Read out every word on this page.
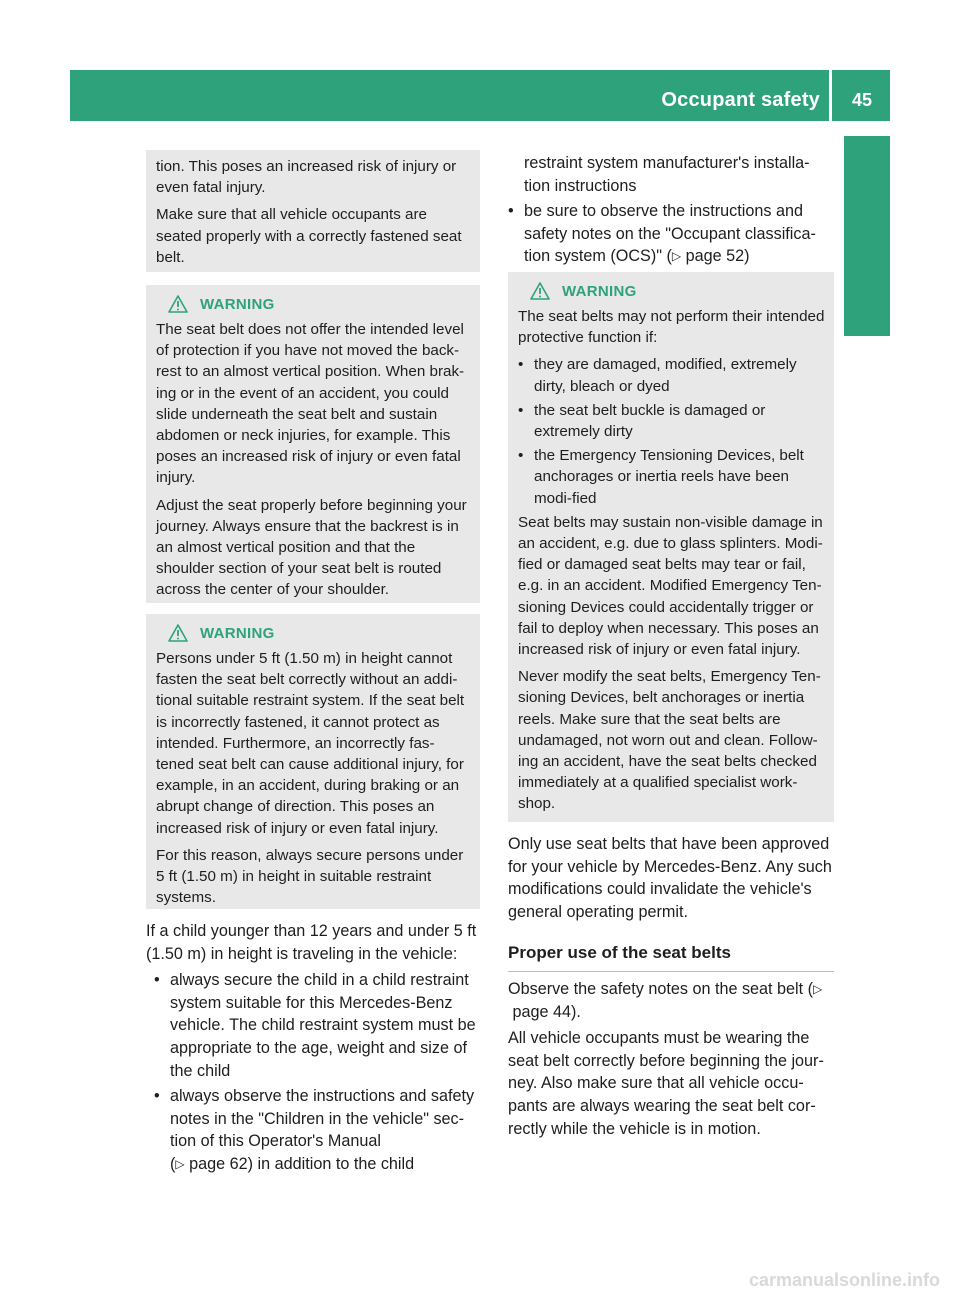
Occupant safety	45
Safety

tion. This poses an increased risk of injury or even fatal injury.

Make sure that all vehicle occupants are seated properly with a correctly fastened seat belt.

WARNING

The seat belt does not offer the intended level of protection if you have not moved the back-rest to an almost vertical position. When brak-ing or in the event of an accident, you could slide underneath the seat belt and sustain abdomen or neck injuries, for example. This poses an increased risk of injury or even fatal injury.

Adjust the seat properly before beginning your journey. Always ensure that the backrest is in an almost vertical position and that the shoulder section of your seat belt is routed across the center of your shoulder.

WARNING

Persons under 5 ft (1.50 m) in height cannot fasten the seat belt correctly without an addi-tional suitable restraint system. If the seat belt is incorrectly fastened, it cannot protect as intended. Furthermore, an incorrectly fas-tened seat belt can cause additional injury, for example, in an accident, during braking or an abrupt change of direction. This poses an increased risk of injury or even fatal injury.

For this reason, always secure persons under 5 ft (1.50 m) in height in suitable restraint systems.

If a child younger than 12 years and under 5 ft (1.50 m) in height is traveling in the vehicle:
• always secure the child in a child restraint system suitable for this Mercedes-Benz vehicle. The child restraint system must be appropriate to the age, weight and size of the child
• always observe the instructions and safety notes in the "Children in the vehicle" sec-tion of this Operator's Manual
(▷ page 62) in addition to the child
restraint system manufacturer's installa-tion instructions
• be sure to observe the instructions and safety notes on the "Occupant classifica-tion system (OCS)" (▷ page 52)
WARNING

The seat belts may not perform their intended protective function if:

• they are damaged, modified, extremely dirty, bleach or dyed
• the seat belt buckle is damaged or extremely dirty
• the Emergency Tensioning Devices, belt anchorages or inertia reels have been modi-fied

Seat belts may sustain non-visible damage in an accident, e.g. due to glass splinters. Modi-fied or damaged seat belts may tear or fail, e.g. in an accident. Modified Emergency Ten-sioning Devices could accidentally trigger or fail to deploy when necessary. This poses an increased risk of injury or even fatal injury.

Never modify the seat belts, Emergency Ten-sioning Devices, belt anchorages or inertia reels. Make sure that the seat belts are undamaged, not worn out and clean. Follow-ing an accident, have the seat belts checked immediately at a qualified specialist work-shop.

Only use seat belts that have been approved for your vehicle by Mercedes-Benz. Any such modifications could invalidate the vehicle's general operating permit.
Proper use of the seat belts
Observe the safety notes on the seat belt (▷ page 44).
All vehicle occupants must be wearing the seat belt correctly before beginning the jour-ney. Also make sure that all vehicle occu-pants are always wearing the seat belt cor-rectly while the vehicle is in motion.
carmanualsonline.info
